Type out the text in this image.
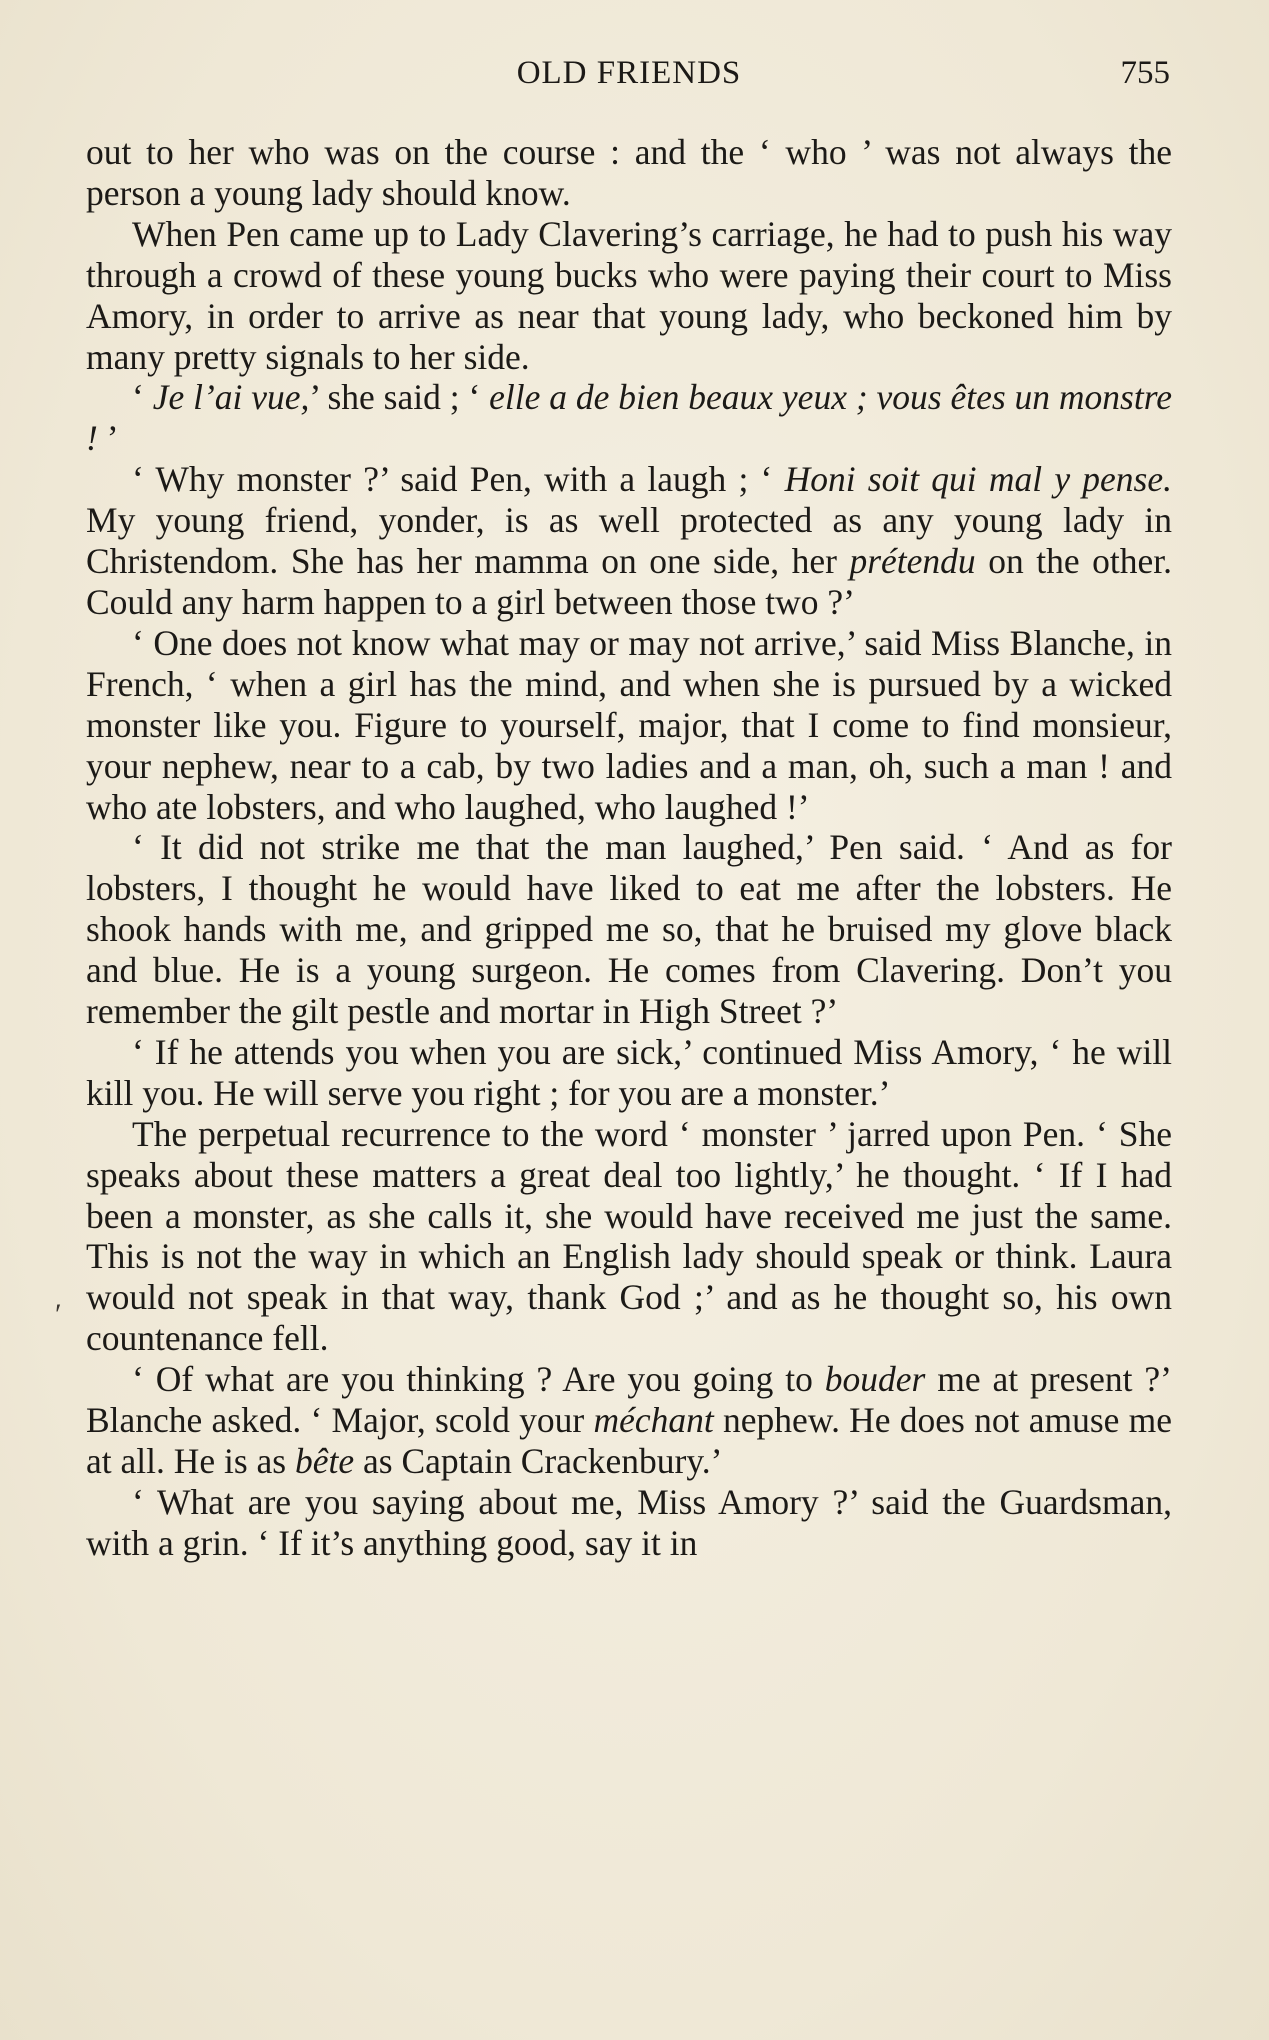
OLD FRIENDS	755
′

out to her who was on the course : and the ‘ who ’ was not always the person a young lady should know.

When Pen came up to Lady Clavering’s carriage, he had to push his way through a crowd of these young bucks who were paying their court to Miss Amory, in order to arrive as near that young lady, who beckoned him by many pretty signals to her side.

‘ Je l’ai vue,’ she said ; ‘ elle a de bien beaux yeux ; vous êtes un monstre ! ’

‘ Why monster ?’ said Pen, with a laugh ; ‘ Honi soit qui mal y pense. My young friend, yonder, is as well protected as any young lady in Christendom. She has her mamma on one side, her prétendu on the other. Could any harm happen to a girl between those two ?’

‘ One does not know what may or may not arrive,’ said Miss Blanche, in French, ‘ when a girl has the mind, and when she is pursued by a wicked monster like you. Figure to yourself, major, that I come to find monsieur, your nephew, near to a cab, by two ladies and a man, oh, such a man ! and who ate lobsters, and who laughed, who laughed !’

‘ It did not strike me that the man laughed,’ Pen said. ‘ And as for lobsters, I thought he would have liked to eat me after the lobsters. He shook hands with me, and gripped me so, that he bruised my glove black and blue. He is a young surgeon. He comes from Clavering. Don’t you remember the gilt pestle and mortar in High Street ?’

‘ If he attends you when you are sick,’ continued Miss Amory, ‘ he will kill you. He will serve you right ; for you are a monster.’

The perpetual recurrence to the word ‘ monster ’ jarred upon Pen. ‘ She speaks about these matters a great deal too lightly,’ he thought. ‘ If I had been a monster, as she calls it, she would have received me just the same. This is not the way in which an English lady should speak or think. Laura would not speak in that way, thank God ;’ and as he thought so, his own countenance fell.

‘ Of what are you thinking ? Are you going to bouder me at present ?’ Blanche asked. ‘ Major, scold your méchant nephew. He does not amuse me at all. He is as bête as Captain Crackenbury.’

‘ What are you saying about me, Miss Amory ?’ said the Guardsman, with a grin. ‘ If it’s anything good, say it in
